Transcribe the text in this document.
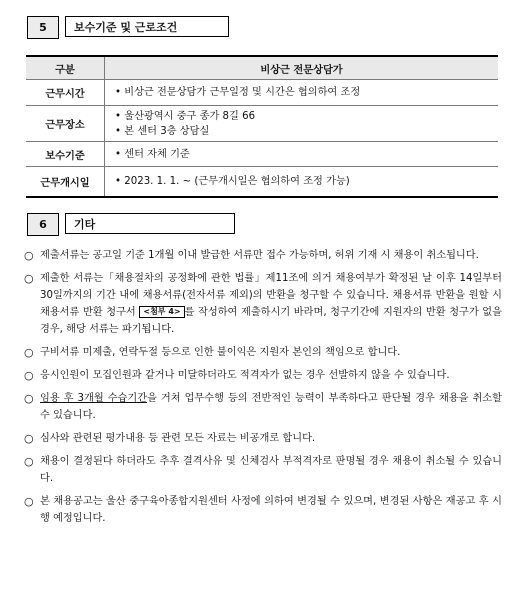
5	보수기준 및 근로조건
구분	비상근 전문상담가
근무시간	• 비상근 전문상담가 근무일정 및 시간은 협의하여 조정

근무장소	• 울산광역시 중구 종가 8길 66
• 본 센터 3층 상담실

보수기준	• 센터 자체 기준

근무개시일	• 2023. 1. 1. ~ (근무개시일은 협의하여 조정 가능)
6	기타
○ 제출서류는 공고일 기준 1개월 이내 발급한 서류만 접수 가능하며, 허위 기재 시 채용이 취소됩니다.
○ 제출한 서류는「채용절차의 공정화에 관한 법률」제11조에 의거 채용여부가 확정된 날 이후 14일부터 30일까지의 기간 내에 채용서류(전자서류 제외)의 반환을 청구할 수 있습니다. 채용서류 반환을 원할 시 채용서류 반환 청구서 <첨부 4> 를 작성하여 제출하시기 바라며, 청구기간에 지원자의 반환 청구가 없을 경우, 해당 서류는 파기됩니다.
○ 구비서류 미제출, 연락두절 등으로 인한 불이익은 지원자 본인의 책임으로 합니다.
○ 응시인원이 모집인원과 같거나 미달하더라도 적격자가 없는 경우 선발하지 않을 수 있습니다.
○ 임용 후 3개월 수습기간을 거쳐 업무수행 등의 전반적인 능력이 부족하다고 판단될 경우 채용을 취소할 수 있습니다.
○ 심사와 관련된 평가내용 등 관련 모든 자료는 비공개로 합니다.
○ 채용이 결정된다 하더라도 추후 결격사유 및 신체검사 부적격자로 판명될 경우 채용이 취소될 수 있습니다.
○ 본 채용공고는 울산 중구육아종합지원센터 사정에 의하여 변경될 수 있으며, 변경된 사항은 재공고 후 시행 예정입니다.
